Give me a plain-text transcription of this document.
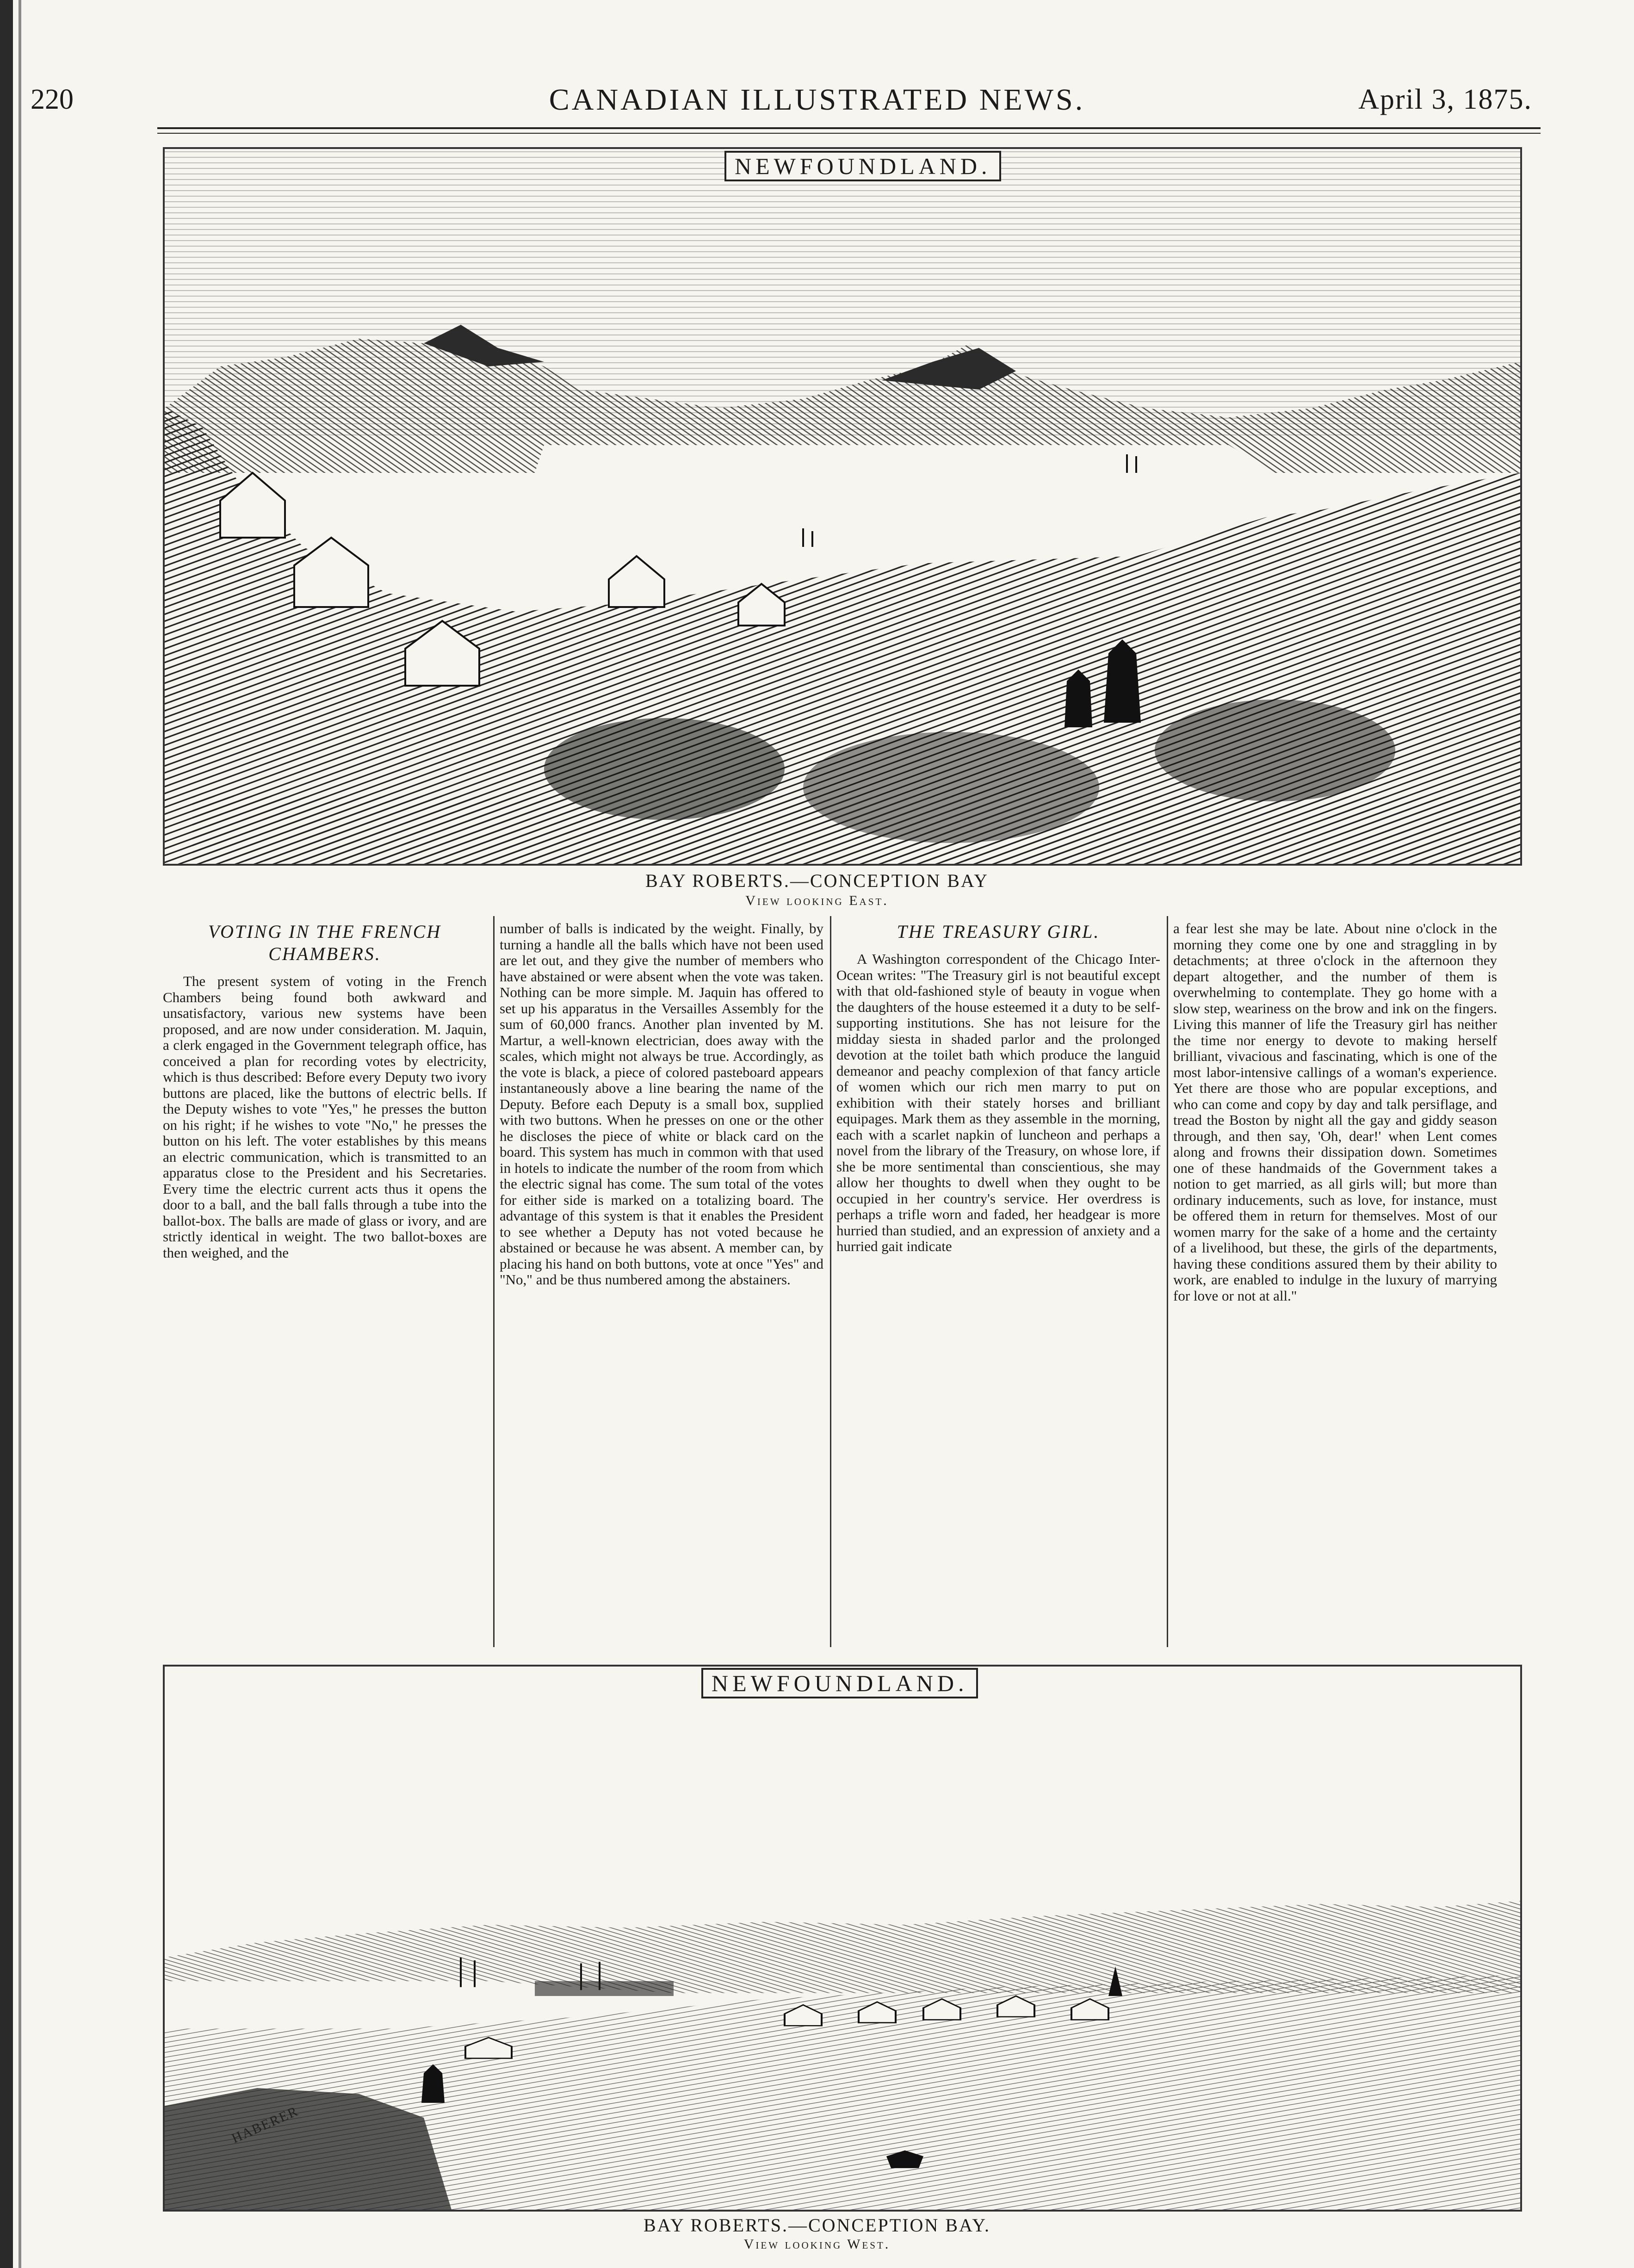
220	CANADIAN ILLUSTRATED NEWS.	April 3, 1875.
NEWFOUNDLAND.
BAY ROBERTS.—CONCEPTION BAY
View looking East.
VOTING IN THE FRENCH CHAMBERS.

The present system of voting in the French Chambers being found both awkward and unsatisfactory, various new systems have been proposed, and are now under consideration. M. Jaquin, a clerk engaged in the Government telegraph office, has conceived a plan for recording votes by electricity, which is thus described: Before every Deputy two ivory buttons are placed, like the buttons of electric bells. If the Deputy wishes to vote "Yes," he presses the button on his right; if he wishes to vote "No," he presses the button on his left. The voter establishes by this means an electric communication, which is transmitted to an apparatus close to the President and his Secretaries. Every time the electric current acts thus it opens the door to a ball, and the ball falls through a tube into the ballot-box. The balls are made of glass or ivory, and are strictly identical in weight. The two ballot-boxes are then weighed, and the

number of balls is indicated by the weight. Finally, by turning a handle all the balls which have not been used are let out, and they give the number of members who have abstained or were absent when the vote was taken. Nothing can be more simple. M. Jaquin has offered to set up his apparatus in the Versailles Assembly for the sum of 60,000 francs. Another plan invented by M. Martur, a well-known electrician, does away with the scales, which might not always be true. Accordingly, as the vote is black, a piece of colored pasteboard appears instantaneously above a line bearing the name of the Deputy. Before each Deputy is a small box, supplied with two buttons. When he presses on one or the other he discloses the piece of white or black card on the board. This system has much in common with that used in hotels to indicate the number of the room from which the electric signal has come. The sum total of the votes for either side is marked on a totalizing board. The advantage of this system is that it enables the President to see whether a Deputy has not voted because he abstained or because he was absent. A member can, by placing his hand on both buttons, vote at once "Yes" and "No," and be thus numbered among the abstainers.

THE TREASURY GIRL.

A Washington correspondent of the Chicago Inter-Ocean writes: "The Treasury girl is not beautiful except with that old-fashioned style of beauty in vogue when the daughters of the house esteemed it a duty to be self-supporting institutions. She has not leisure for the midday siesta in shaded parlor and the prolonged devotion at the toilet bath which produce the languid demeanor and peachy complexion of that fancy article of women which our rich men marry to put on exhibition with their stately horses and brilliant equipages. Mark them as they assemble in the morning, each with a scarlet napkin of luncheon and perhaps a novel from the library of the Treasury, on whose lore, if she be more sentimental than conscientious, she may allow her thoughts to dwell when they ought to be occupied in her country's service. Her overdress is perhaps a trifle worn and faded, her headgear is more hurried than studied, and an expression of anxiety and a hurried gait indicate

a fear lest she may be late. About nine o'clock in the morning they come one by one and straggling in by detachments; at three o'clock in the afternoon they depart altogether, and the number of them is overwhelming to contemplate. They go home with a slow step, weariness on the brow and ink on the fingers. Living this manner of life the Treasury girl has neither the time nor energy to devote to making herself brilliant, vivacious and fascinating, which is one of the most labor-intensive callings of a woman's experience. Yet there are those who are popular exceptions, and who can come and copy by day and talk persiflage, and tread the Boston by night all the gay and giddy season through, and then say, 'Oh, dear!' when Lent comes along and frowns their dissipation down. Sometimes one of these handmaids of the Government takes a notion to get married, as all girls will; but more than ordinary inducements, such as love, for instance, must be offered them in return for themselves. Most of our women marry for the sake of a home and the certainty of a livelihood, but these, the girls of the departments, having these conditions assured them by their ability to work, are enabled to indulge in the luxury of marrying for love or not at all."

NEWFOUNDLAND.
HABERER
BAY ROBERTS.—CONCEPTION BAY.
View looking West.
